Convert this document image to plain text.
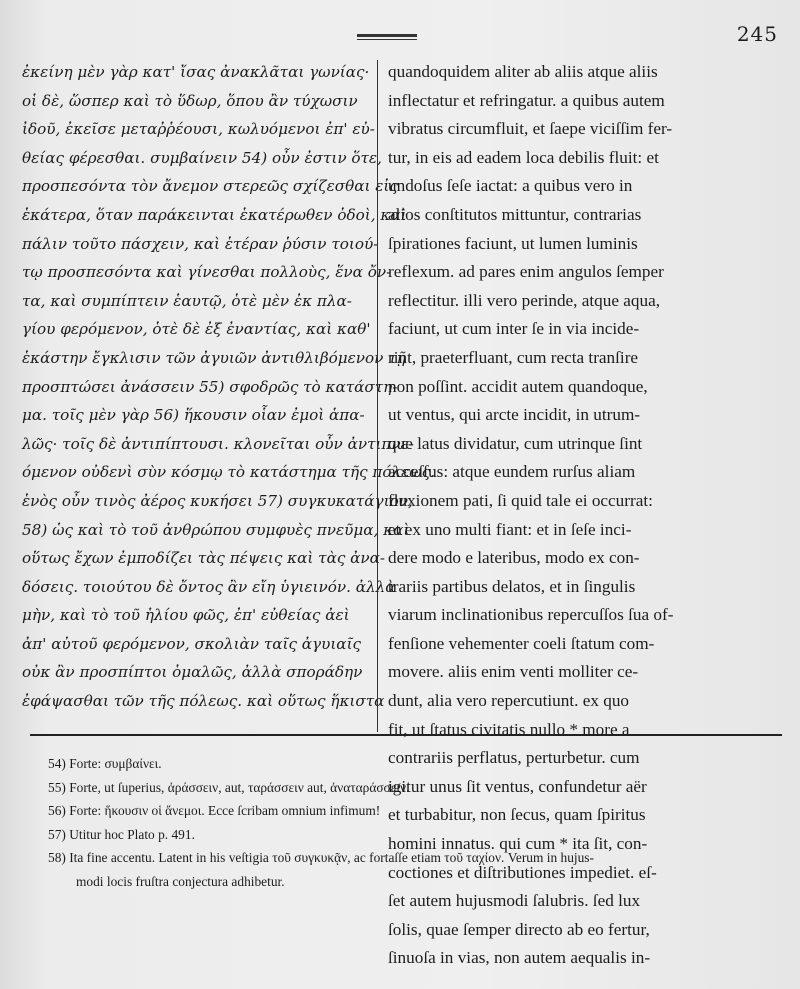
245
ἐκείνη μὲν γὰρ κατ' ἴσας ἀνακλᾶται γωνίας·
οἱ δὲ, ὥσπερ καὶ τὸ ὕδωρ, ὅπου ἂν τύχωσιν
ἰδοῦ, ἐκεῖσε μεταῤῥέουσι, κωλυόμενοι ἐπ' εὐ-
θείας φέρεσθαι. συμβαίνειν 54) οὖν ἐστιν ὅτε,
προσπεσόντα τὸν ἄνεμον στερεῶς σχίζεσθαι εἰς
ἑκάτερα, ὅταν παράκεινται ἑκατέρωθεν ὁδοὶ, καὶ
πάλιν τοῦτο πάσχειν, καὶ ἑτέραν ῥύσιν τοιού-
τῳ προσπεσόντα καὶ γίνεσθαι πολλοὺς, ἕνα ὄν-
τα, καὶ συμπίπτειν ἑαυτῷ, ὁτὲ μὲν ἐκ πλα-
γίου φερόμενον, ὁτὲ δὲ ἐξ ἐναντίας, καὶ καθ'
ἑκάστην ἔγκλισιν τῶν ἀγυιῶν ἀντιθλιβόμενον τῇ
προσπτώσει ἀνάσσειν 55) σφοδρῶς τὸ κατάστη-
μα. τοῖς μὲν γὰρ 56) ἥκουσιν οἷαν ἐμοὶ ἁπα-
λῶς· τοῖς δὲ ἀντιπίπτουσι. κλονεῖται οὖν ἀντιπνε-
όμενον οὐδενὶ σὺν κόσμῳ τὸ κατάστημα τῆς πόλεως.
ἑνὸς οὖν τινὸς ἀέρος κυκήσει 57) συγκυκατάγιον,
58) ὡς καὶ τὸ τοῦ ἀνθρώπου συμφυὲς πνεῦμα, καὶ
οὕτως ἔχων ἐμποδίζει τὰς πέψεις καὶ τὰς ἀνα-
δόσεις. τοιούτου δὲ ὄντος ἂν εἴη ὑγιεινόν. ἀλλὰ
μὴν, καὶ τὸ τοῦ ἡλίου φῶς, ἐπ' εὐθείας ἀεὶ
ἀπ' αὐτοῦ φερόμενον, σκολιὰν ταῖς ἀγυιαῖς
οὐκ ἂν προσπίπτοι ὁμαλῶς, ἀλλὰ σποράδην
ἐφάψασθαι τῶν τῆς πόλεως. καὶ οὕτως ἥκιστα
quandoquidem aliter ab aliis atque aliis
inflectatur et refringatur. a quibus autem
vibratus circumfluit, et ſaepe viciſſim fer-
tur, in eis ad eadem loca debilis fluit: et
undoſus ſeſe iactat: a quibus vero in
alios conſtitutos mittuntur, contrarias
ſpirationes faciunt, ut lumen luminis
reflexum. ad pares enim angulos ſemper
reflectitur. illi vero perinde, atque aqua,
faciunt, ut cum inter ſe in via incide-
rint, praeterfluant, cum recta tranſire
non poſſint. accidit autem quandoque,
ut ventus, qui arcte incidit, in utrum-
que latus dividatur, cum utrinque ſint
acceſſus: atque eundem rurſus aliam
fluxionem pati, ſi quid tale ei occurrat:
et ex uno multi fiant: et in ſeſe inci-
dere modo e lateribus, modo ex con-
trariis partibus delatos, et in ſingulis
viarum inclinationibus repercuſſos ſua of-
fenſione vehementer coeli ſtatum com-
movere. aliis enim venti molliter ce-
dunt, alia vero repercutiunt. ex quo
fit, ut ſtatus civitatis nullo * more a
contrariis perflatus, perturbetur. cum
igitur unus ſit ventus, confundetur aër
et turbabitur, non ſecus, quam ſpiritus
homini innatus. qui cum * ita ſit, con-
coctiones et diſtributiones impediet. eſ-
ſet autem hujusmodi ſalubris. ſed lux
ſolis, quae ſemper directo ab eo fertur,
ſinuoſa in vias, non autem aequalis in-
54) Forte: συμβαίνει.
55) Forte, ut ſuperius, ἀράσσειν, aut, ταράσσειν aut, ἀναταράσσειν.
56) Forte: ἥκουσιν οἱ ἄνεμοι. Ecce ſcribam omnium infimum!
57) Utitur hoc Plato p. 491.
58) Ita fine accentu. Latent in his veſtigia τοῦ συγκυκᾷν, ac fortaſſe etiam τοῦ ταχίον. Verum in hujus-
modi locis fruſtra conjectura adhibetur.
